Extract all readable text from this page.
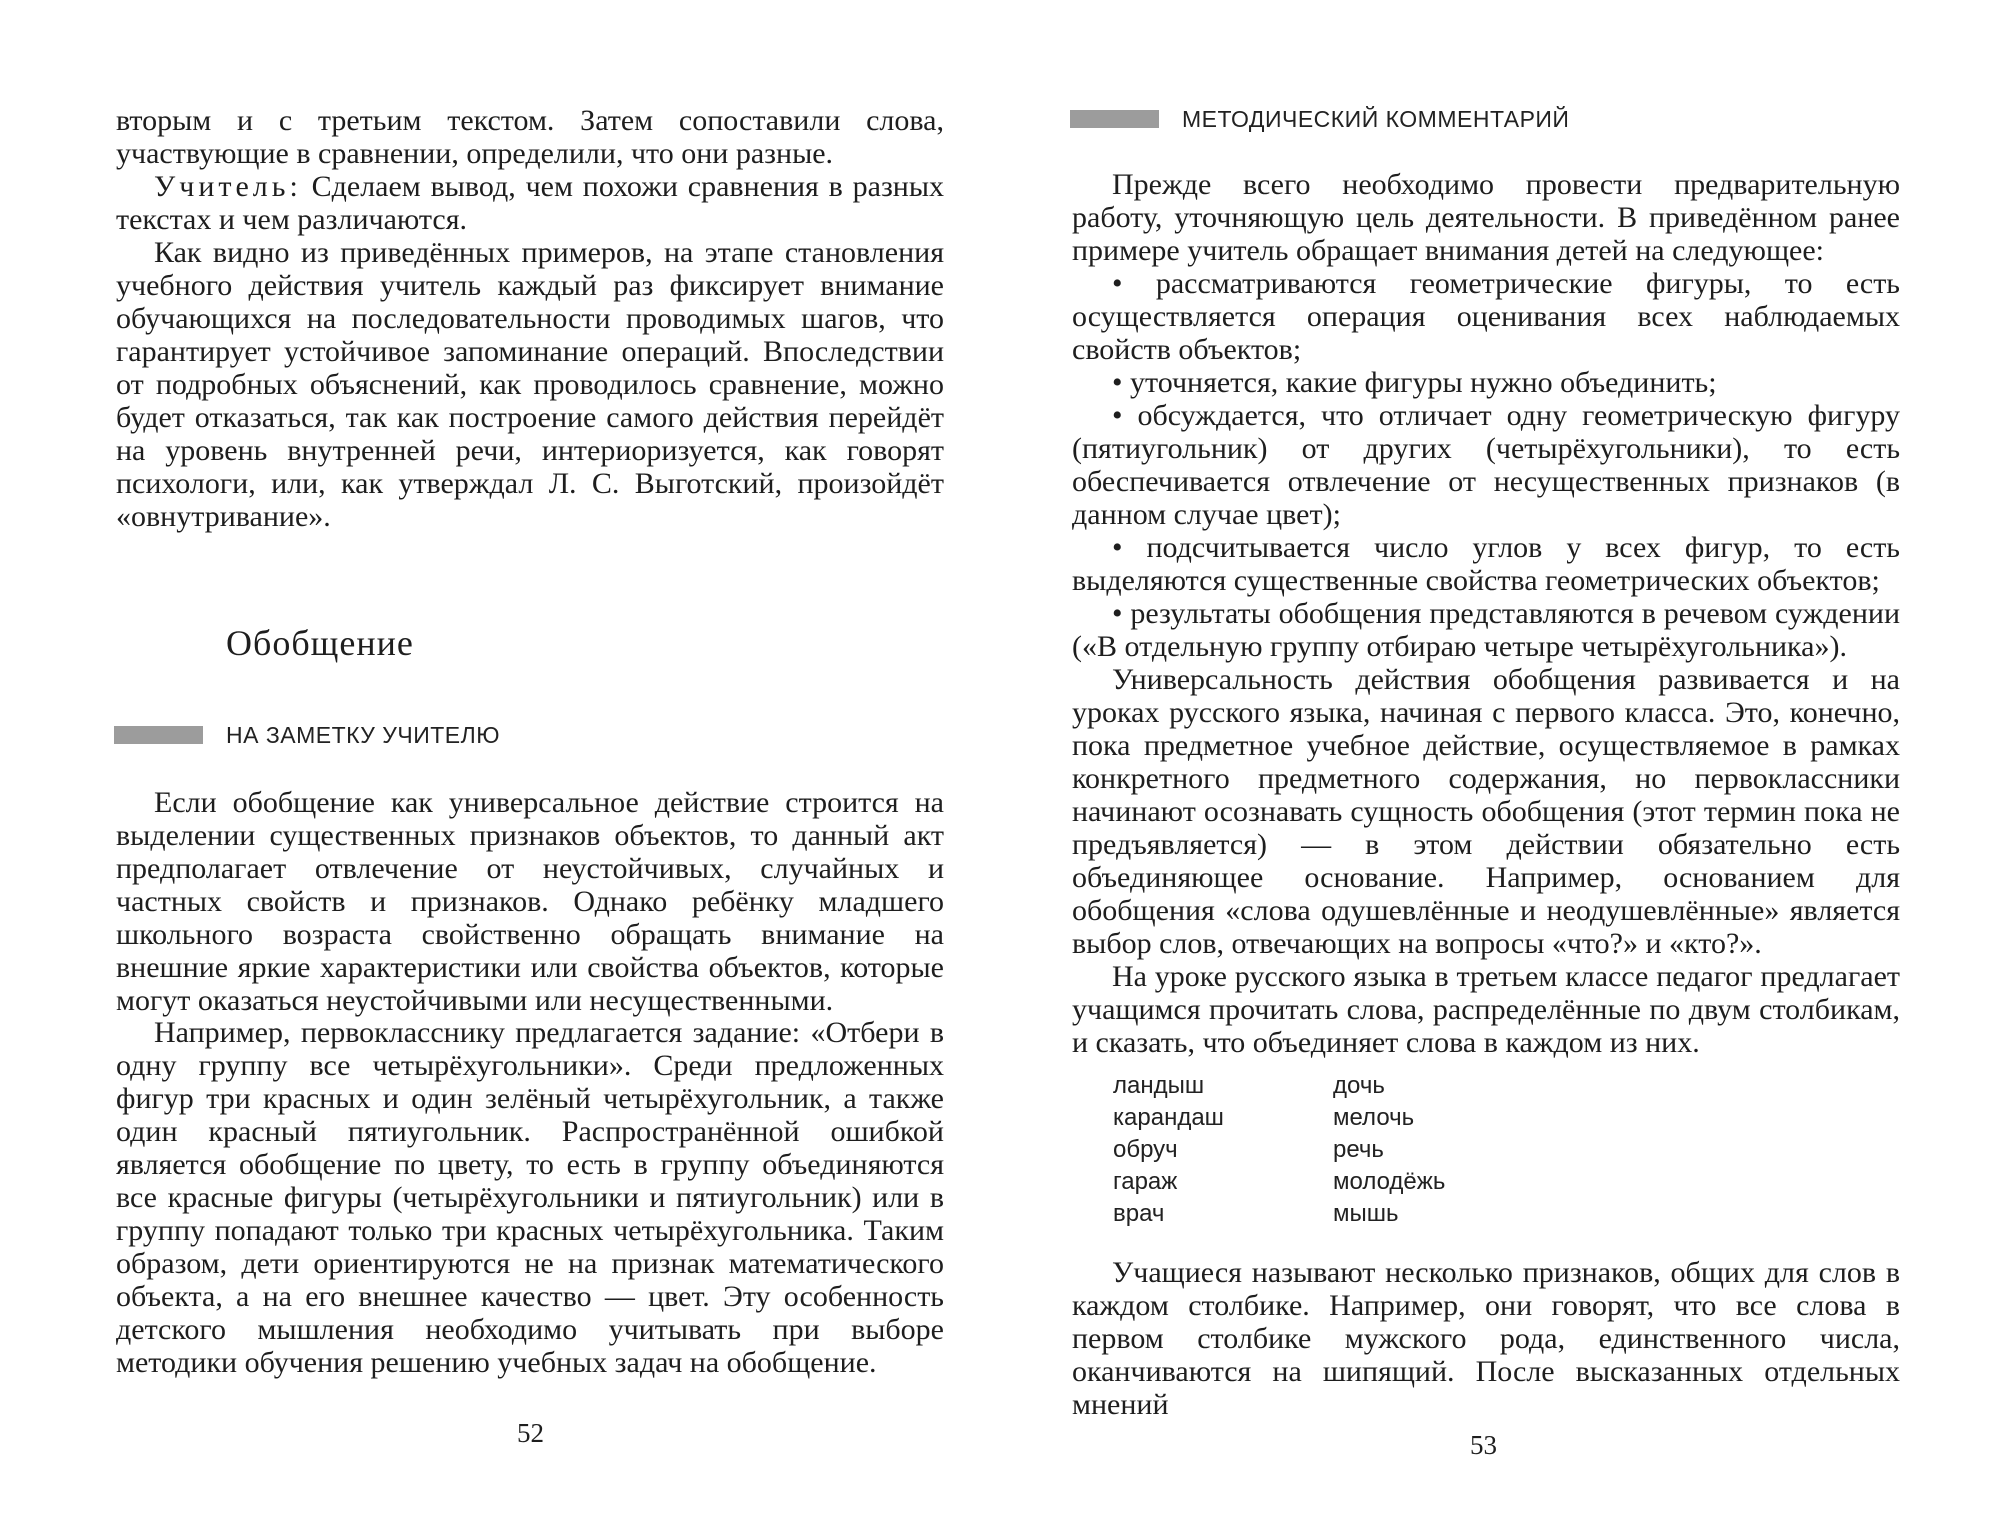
вторым и с третьим текстом. Затем сопоставили слова, участвующие в сравнении, определили, что они разные.

Учитель: Сделаем вывод, чем похожи сравнения в разных текстах и чем различаются.

Как видно из приведённых примеров, на этапе становления учебного действия учитель каждый раз фиксирует внимание обучающихся на последовательности проводимых шагов, что гарантирует устойчивое запоминание операций. Впоследствии от подробных объяснений, как проводилось сравнение, можно будет отказаться, так как построение самого действия перейдёт на уровень внутренней речи, интериоризуется, как говорят психологи, или, как утверждал Л. С. Выготский, произойдёт «овнутривание».

Обобщение
НА ЗАМЕТКУ УЧИТЕЛЮ

Если обобщение как универсальное действие строится на выделении существенных признаков объектов, то данный акт предполагает отвлечение от неустойчивых, случайных и частных свойств и признаков. Однако ребёнку младшего школьного возраста свойственно обращать внимание на внешние яркие характеристики или свойства объектов, которые могут оказаться неустойчивыми или несущественными.

Например, первокласснику предлагается задание: «Отбери в одну группу все четырёхугольники». Среди предложенных фигур три красных и один зелёный четырёхугольник, а также один красный пятиугольник. Распространённой ошибкой является обобщение по цвету, то есть в группу объединяются все красные фигуры (четырёхугольники и пятиугольник) или в группу попадают только три красных четырёхугольника. Таким образом, дети ориентируются не на признак математического объекта, а на его внешнее качество — цвет. Эту особенность детского мышления необходимо учитывать при выборе методики обучения решению учебных задач на обобщение.

52
МЕТОДИЧЕСКИЙ КОММЕНТАРИЙ

Прежде всего необходимо провести предварительную работу, уточняющую цель деятельности. В приведённом ранее примере учитель обращает внимания детей на следующее:

• рассматриваются геометрические фигуры, то есть осуществляется операция оценивания всех наблюдаемых свойств объектов;

• уточняется, какие фигуры нужно объединить;

• обсуждается, что отличает одну геометрическую фигуру (пятиугольник) от других (четырёхугольники), то есть обеспечивается отвлечение от несущественных признаков (в данном случае цвет);

• подсчитывается число углов у всех фигур, то есть выделяются существенные свойства геометрических объектов;

• результаты обобщения представляются в речевом суждении («В отдельную группу отбираю четыре четырёхугольника»).

Универсальность действия обобщения развивается и на уроках русского языка, начиная с первого класса. Это, конечно, пока предметное учебное действие, осуществляемое в рамках конкретного предметного содержания, но первоклассники начинают осознавать сущность обобщения (этот термин пока не предъявляется) — в этом действии обязательно есть объединяющее основание. Например, основанием для обобщения «слова одушевлённые и неодушевлённые» является выбор слов, отвечающих на вопросы «что?» и «кто?».

На уроке русского языка в третьем классе педагог предлагает учащимся прочитать слова, распределённые по двум столбикам, и сказать, что объединяет слова в каждом из них.

ландыш	дочь
карандаш	мелочь
обруч	речь
гараж	молодёжь
врач	мышь

Учащиеся называют несколько признаков, общих для слов в каждом столбике. Например, они говорят, что все слова в первом столбике мужского рода, единственного числа, оканчиваются на шипящий. После высказанных отдельных мнений

53
